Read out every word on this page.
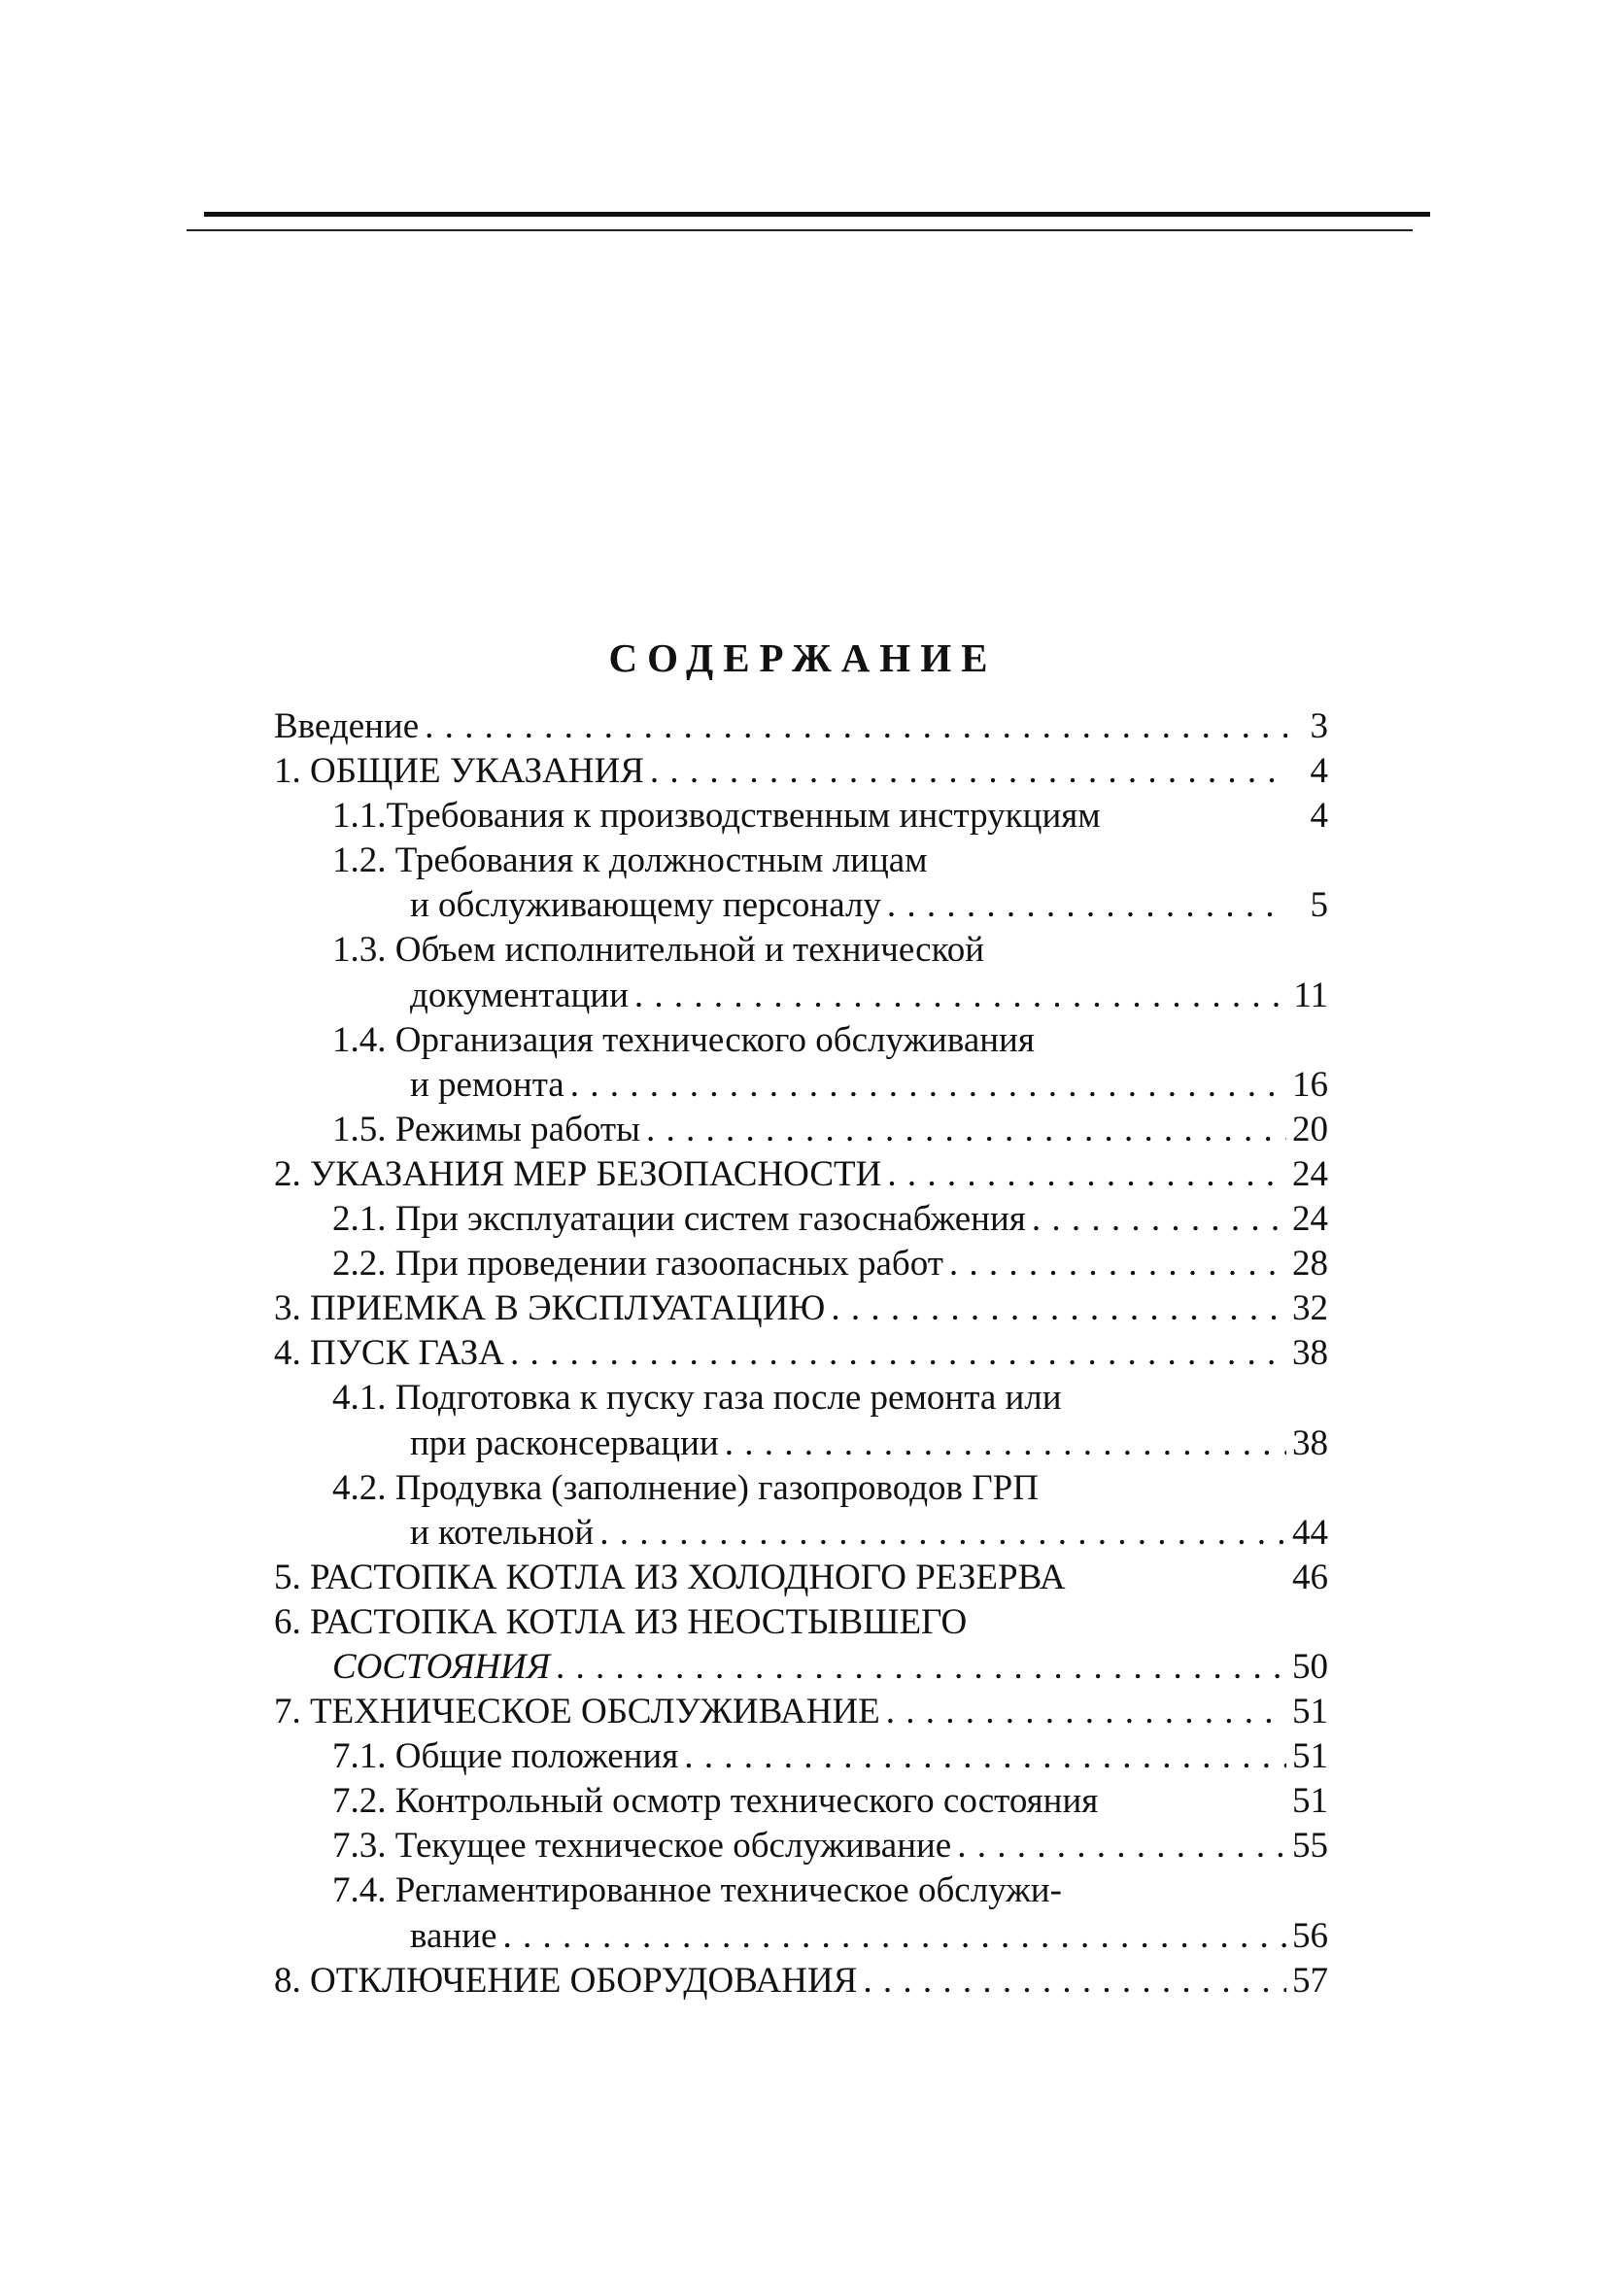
СОДЕРЖАНИЕ
Введение . . .	3
1. ОБЩИЕ УКАЗАНИЯ . . .	4
1.1.Требования к производственным инструкциям	4
1.2. Требования к должностным лицам
и обслуживающему персоналу . . .	5
1.3. Объем исполнительной и технической
документации . . .	11
1.4. Организация технического обслуживания
и ремонта . . .	16
1.5. Режимы работы . . .	20
2. УКАЗАНИЯ МЕР БЕЗОПАСНОСТИ . . .	24
2.1. При эксплуатации систем газоснабжения . . .	24
2.2. При проведении газоопасных работ . . .	28
3. ПРИЕМКА В ЭКСПЛУАТАЦИЮ . . .	32
4. ПУСК ГАЗА . . .	38
4.1. Подготовка к пуску газа после ремонта или
при расконсервации . . .	38
4.2. Продувка (заполнение) газопроводов ГРП
и котельной . . .	44
5. РАСТОПКА КОТЛА ИЗ ХОЛОДНОГО РЕЗЕРВА	46
6. РАСТОПКА КОТЛА ИЗ НЕОСТЫВШЕГО
СОСТОЯНИЯ . . .	50
7. ТЕХНИЧЕСКОЕ ОБСЛУЖИВАНИЕ . . .	51
7.1. Общие положения . . .	51
7.2. Контрольный осмотр технического состояния	51
7.3. Текущее техническое обслуживание . . .	55
7.4. Регламентированное техническое обслужи-
вание . . .	56
8. ОТКЛЮЧЕНИЕ ОБОРУДОВАНИЯ . . .	57
